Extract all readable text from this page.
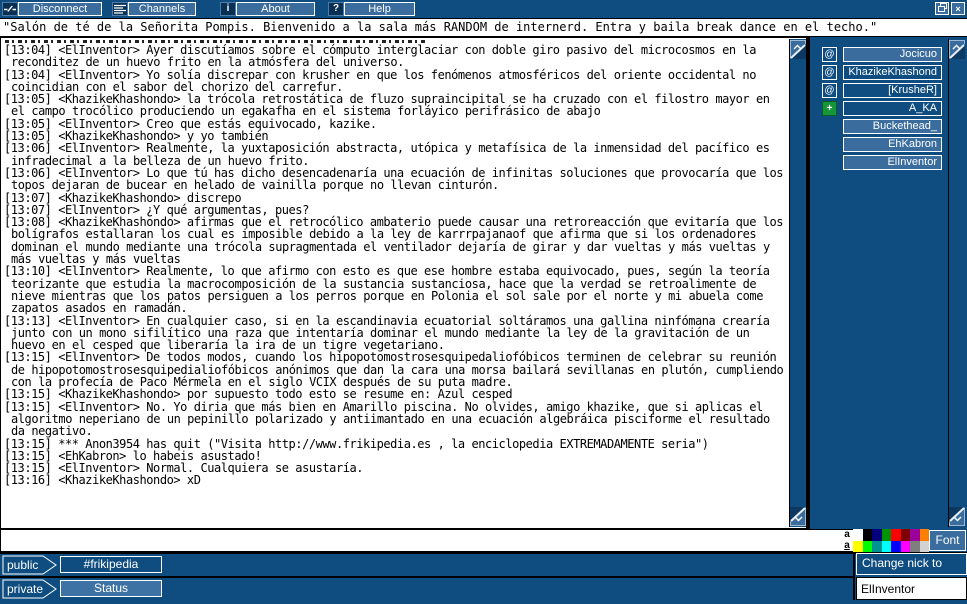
Disconnect	Channels	i	About	?	Help	×
"Salón de té de la Señorita Pompis. Bienvenido a la sala más RANDOM de internerd. Entra y baila break dance en el techo."
[13:04] <ElInventor> Ayer discutíamos sobre el cómputo interglaciar con doble giro pasivo del microcosmos en la reconditez de un huevo frito en la atmósfera del universo.
[13:04] <ElInventor> Yo solía discrepar con krusher en que los fenómenos atmosféricos del oriente occidental no coincidian con el sabor del chorizo del carrefur.
[13:05] <KhazikeKhashondo> la trócola retrostática de fluzo supraincipital se ha cruzado con el filostro mayor en el campo trocólico produciendo un egakafha en el sistema forláyico perifrásico de abajo
[13:05] <ElInventor> Creo que estás equivocado, kazike.
[13:05] <KhazikeKhashondo> y yo también
[13:06] <ElInventor> Realmente, la yuxtaposición abstracta, utópica y metafísica de la inmensidad del pacífico es infradecimal a la belleza de un huevo frito.
[13:06] <ElInventor> Lo que tú has dicho desencadenaría una ecuación de infinitas soluciones que provocaría que los topos dejaran de bucear en helado de vainilla porque no llevan cinturón.
[13:07] <KhazikeKhashondo> discrepo
[13:07] <ElInventor> ¿Y qué argumentas, pues?
[13:08] <KhazikeKhashondo> afirmas que el retrocólico ambaterio puede causar una retroreacción que evitaría que los bolígrafos estallaran los cual es imposible debido a la ley de karrrpajanaof que afirma que si los ordenadores dominan el mundo mediante una trócola supragmentada el ventilador dejaría de girar y dar vueltas y más vueltas y más vueltas y más vueltas
[13:10] <ElInventor> Realmente, lo que afirmo con esto es que ese hombre estaba equivocado, pues, según la teoría teorizante que estudia la macrocomposición de la sustancia sustanciosa, hace que la verdad se retroalimente de nieve mientras que los patos persiguen a los perros porque en Polonia el sol sale por el norte y mi abuela come zapatos asados en ramadán.
[13:13] <ElInventor> En cualquier caso, si en la escandinavia ecuatorial soltáramos una gallina ninfómana crearía junto con un mono sifilítico una raza que intentaría dominar el mundo mediante la ley de la gravitación de un huevo en el cesped que liberaría la ira de un tigre vegetariano.
[13:15] <ElInventor> De todos modos, cuando los hipopotomostrosesquipedaliofóbicos terminen de celebrar su reunión de hipopotomostrosesquipedialiofóbicos anónimos que dan la cara una morsa bailará sevillanas en plutón, cumpliendo con la profecía de Paco Mérmela en el siglo VCIX después de su puta madre.
[13:15] <KhazikeKhashondo> por supuesto todo esto se resume en: Azul cesped
[13:15] <ElInventor> No. Yo diria que más bien en Amarillo piscina. No olvides, amigo khazike, que si aplicas el algoritmo neperiano de un pepinillo polarizado y antiimantado en una ecuación algebráica pisciforme el resultado da negativo.
[13:15] *** Anon3954 has quit ("Visita http://www.frikipedia.es , la enciclopedia EXTREMADAMENTE seria")
[13:15] <EhKabron> lo habeis asustado!
[13:15] <ElInventor> Normal. Cualquiera se asustaría.
[13:16] <KhazikeKhashondo> xD
@	Jocicuo
@	KhazikeKhashond
@	[KrusheR]
+	A_KA
Buckethead_
EhKabron
ElInventor
a
a	Font
public	#frikipedia
private	Status
Change nick to
ElInventor
